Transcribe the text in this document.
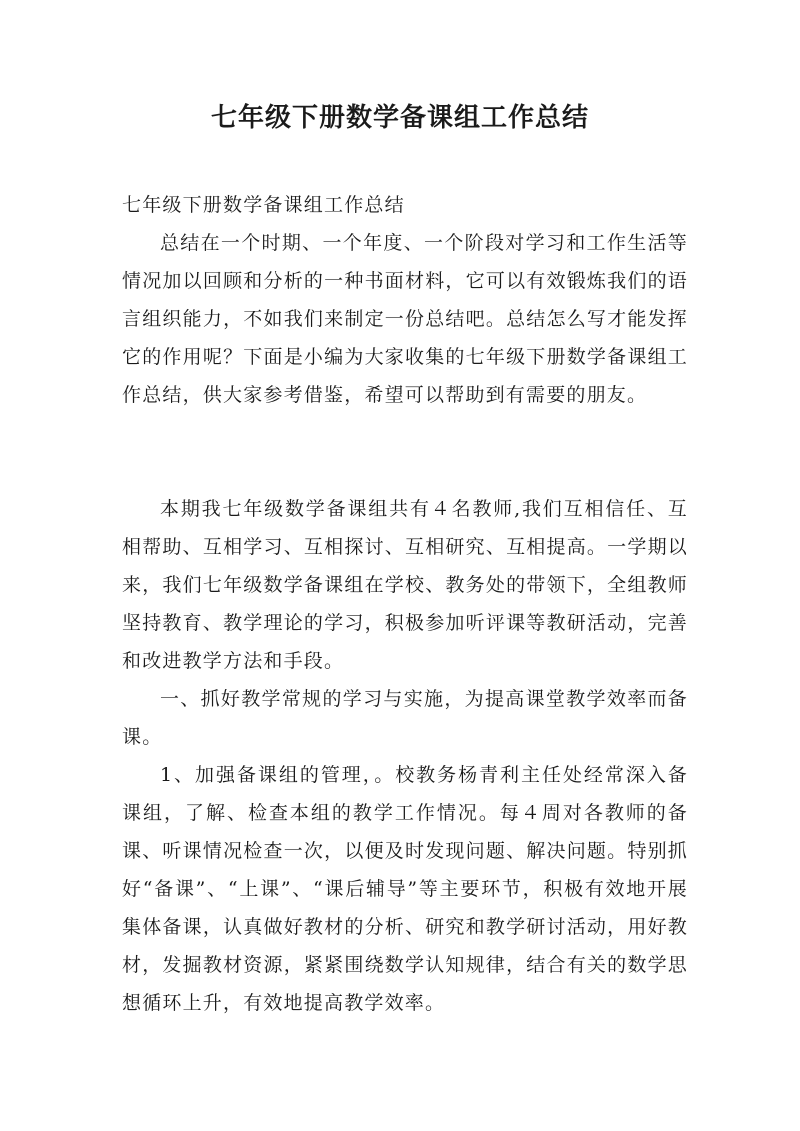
七年级下册数学备课组工作总结

七年级下册数学备课组工作总结

总结在一个时期、一个年度、一个阶段对学习和工作生活等情况加以回顾和分析的一种书面材料，它可以有效锻炼我们的语言组织能力，不如我们来制定一份总结吧。总结怎么写才能发挥它的作用呢？下面是小编为大家收集的七年级下册数学备课组工作总结，供大家参考借鉴，希望可以帮助到有需要的朋友。

本期我七年级数学备课组共有４名教师,我们互相信任、互相帮助、互相学习、互相探讨、互相研究、互相提高。一学期以来，我们七年级数学备课组在学校、教务处的带领下，全组教师坚持教育、教学理论的学习，积极参加听评课等教研活动，完善和改进教学方法和手段。

一、抓好教学常规的学习与实施，为提高课堂教学效率而备课。

1、加强备课组的管理，。校教务杨青利主任处经常深入备课组，了解、检查本组的教学工作情况。每４周对各教师的备课、听课情况检查一次，以便及时发现问题、解决问题。特别抓好“备课”、“上课”、“课后辅导”等主要环节，积极有效地开展集体备课，认真做好教材的分析、研究和教学研讨活动，用好教材，发掘教材资源，紧紧围绕数学认知规律，结合有关的数学思想循环上升，有效地提高教学效率。
